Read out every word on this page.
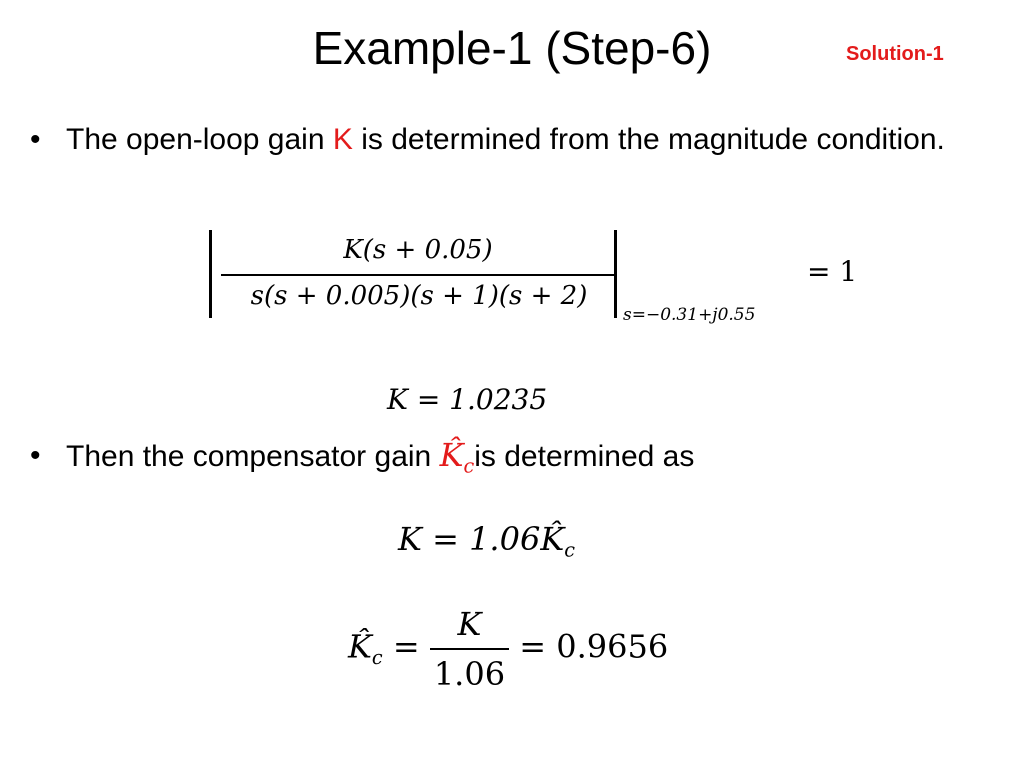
Example-1 (Step-6)	Solution-1
• The open-loop gain K is determined from the magnitude condition.
K(s + 0.05)
s(s + 0.005)(s + 1)(s + 2)
s=−0.31+j0.55
= 1
K = 1.0235
• Then the compensator gain $K̂_cis$ determined as
$K = 1.06K̂_c$
$K̂_c = \frac{K}{1.06} = 0.9656$
